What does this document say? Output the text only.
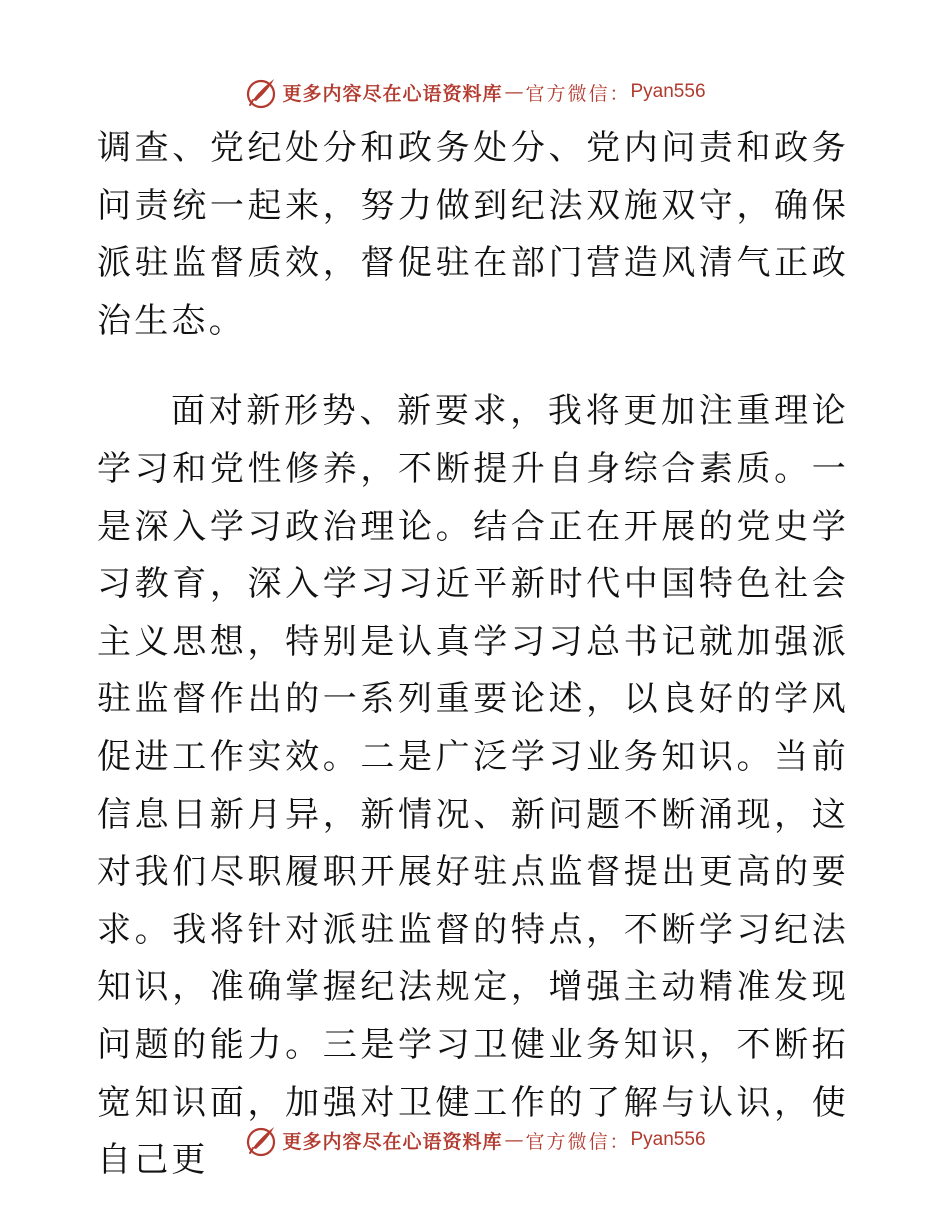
更多内容尽在心语资料库 — 官方微信： Pyan556

调查、党纪处分和政务处分、党内问责和政务问责统一起来，努力做到纪法双施双守，确保派驻监督质效，督促驻在部门营造风清气正政治生态。

面对新形势、新要求，我将更加注重理论学习和党性修养，不断提升自身综合素质。一是深入学习政治理论。结合正在开展的党史学习教育，深入学习习近平新时代中国特色社会主义思想，特别是认真学习习总书记就加强派驻监督作出的一系列重要论述，以良好的学风促进工作实效。二是广泛学习业务知识。当前信息日新月异，新情况、新问题不断涌现，这对我们尽职履职开展好驻点监督提出更高的要求。我将针对派驻监督的特点，不断学习纪法知识，准确掌握纪法规定，增强主动精准发现问题的能力。三是学习卫健业务知识，不断拓宽知识面，加强对卫健工作的了解与认识，使自己更	更多内容尽在心语资料库 — 官方微信： Pyan556
